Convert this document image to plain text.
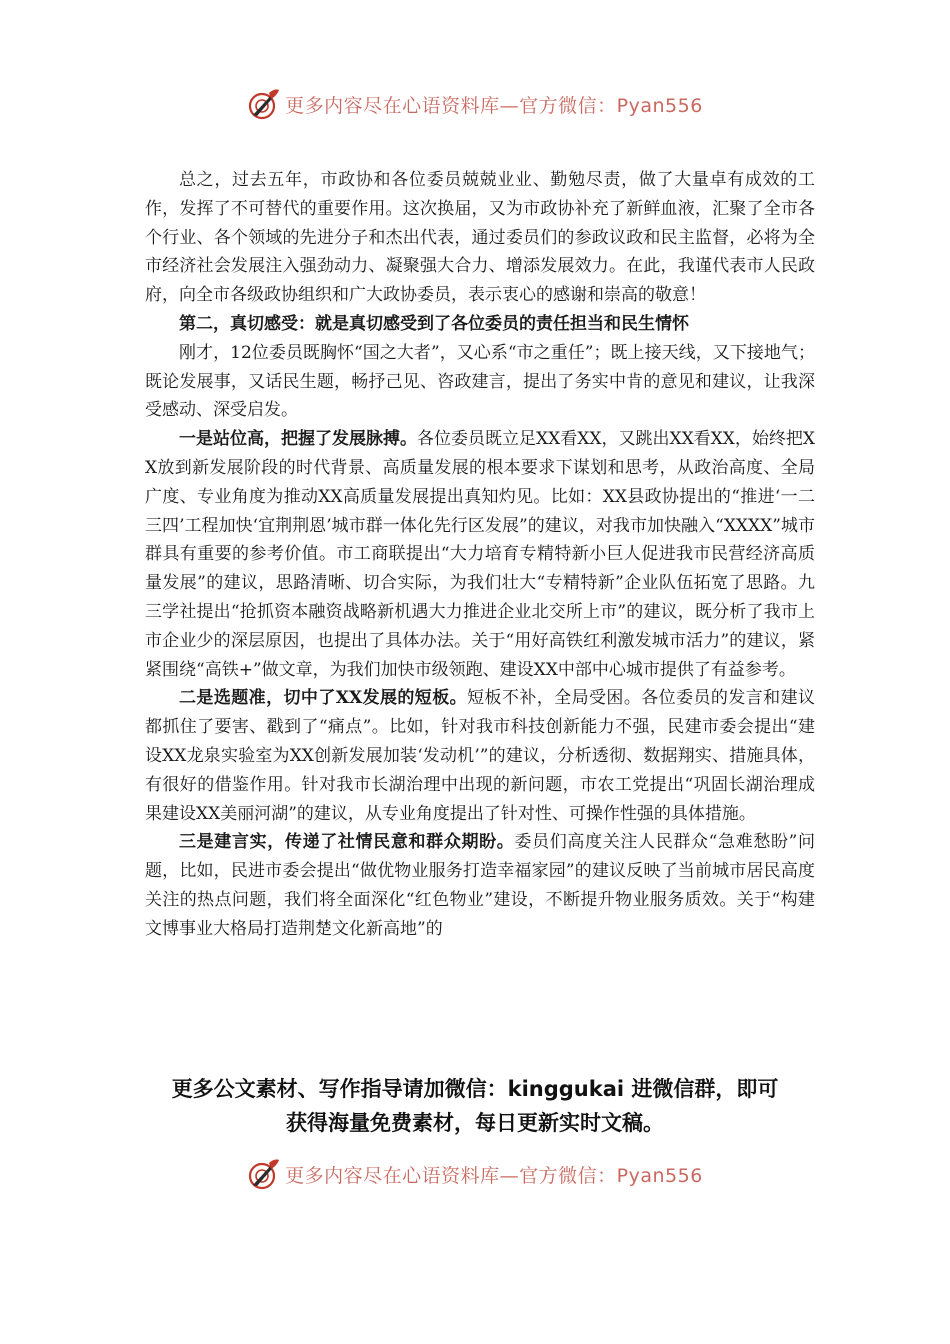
更多内容尽在心语资料库—官方微信：Pyan556

总之，过去五年，市政协和各位委员兢兢业业、勤勉尽责，做了大量卓有成效的工作，发挥了不可替代的重要作用。这次换届，又为市政协补充了新鲜血液，汇聚了全市各个行业、各个领域的先进分子和杰出代表，通过委员们的参政议政和民主监督，必将为全市经济社会发展注入强劲动力、凝聚强大合力、增添发展效力。在此，我谨代表市人民政府，向全市各级政协组织和广大政协委员，表示衷心的感谢和崇高的敬意！

第二，真切感受：就是真切感受到了各位委员的责任担当和民生情怀

刚才，12位委员既胸怀“国之大者”，又心系“市之重任”；既上接天线，又下接地气；既论发展事，又话民生题，畅抒己见、咨政建言，提出了务实中肯的意见和建议，让我深受感动、深受启发。

一是站位高，把握了发展脉搏。各位委员既立足XX看XX，又跳出XX看XX，始终把XX放到新发展阶段的时代背景、高质量发展的根本要求下谋划和思考，从政治高度、全局广度、专业角度为推动XX高质量发展提出真知灼见。比如：XX县政协提出的“推进‘一二三四’工程加快‘宜荆荆恩’城市群一体化先行区发展”的建议，对我市加快融入“XXXX”城市群具有重要的参考价值。市工商联提出“大力培育专精特新小巨人促进我市民营经济高质量发展”的建议，思路清晰、切合实际，为我们壮大“专精特新”企业队伍拓宽了思路。九三学社提出“抢抓资本融资战略新机遇大力推进企业北交所上市”的建议，既分析了我市上市企业少的深层原因，也提出了具体办法。关于“用好高铁红利激发城市活力”的建议，紧紧围绕“高铁+”做文章，为我们加快市级领跑、建设XX中部中心城市提供了有益参考。

二是选题准，切中了XX发展的短板。短板不补，全局受困。各位委员的发言和建议都抓住了要害、戳到了“痛点”。比如，针对我市科技创新能力不强，民建市委会提出“建设XX龙泉实验室为XX创新发展加装‘发动机’”的建议，分析透彻、数据翔实、措施具体，有很好的借鉴作用。针对我市长湖治理中出现的新问题，市农工党提出“巩固长湖治理成果建设XX美丽河湖”的建议，从专业角度提出了针对性、可操作性强的具体措施。

三是建言实，传递了社情民意和群众期盼。委员们高度关注人民群众“急难愁盼”问题，比如，民进市委会提出“做优物业服务打造幸福家园”的建议反映了当前城市居民高度关注的热点问题，我们将全面深化“红色物业”建设，不断提升物业服务质效。关于“构建文博事业大格局打造荆楚文化新高地”的

更多公文素材、写作指导请加微信：kinggukai 进微信群，即可
获得海量免费素材，每日更新实时文稿。
更多内容尽在心语资料库—官方微信：Pyan556
